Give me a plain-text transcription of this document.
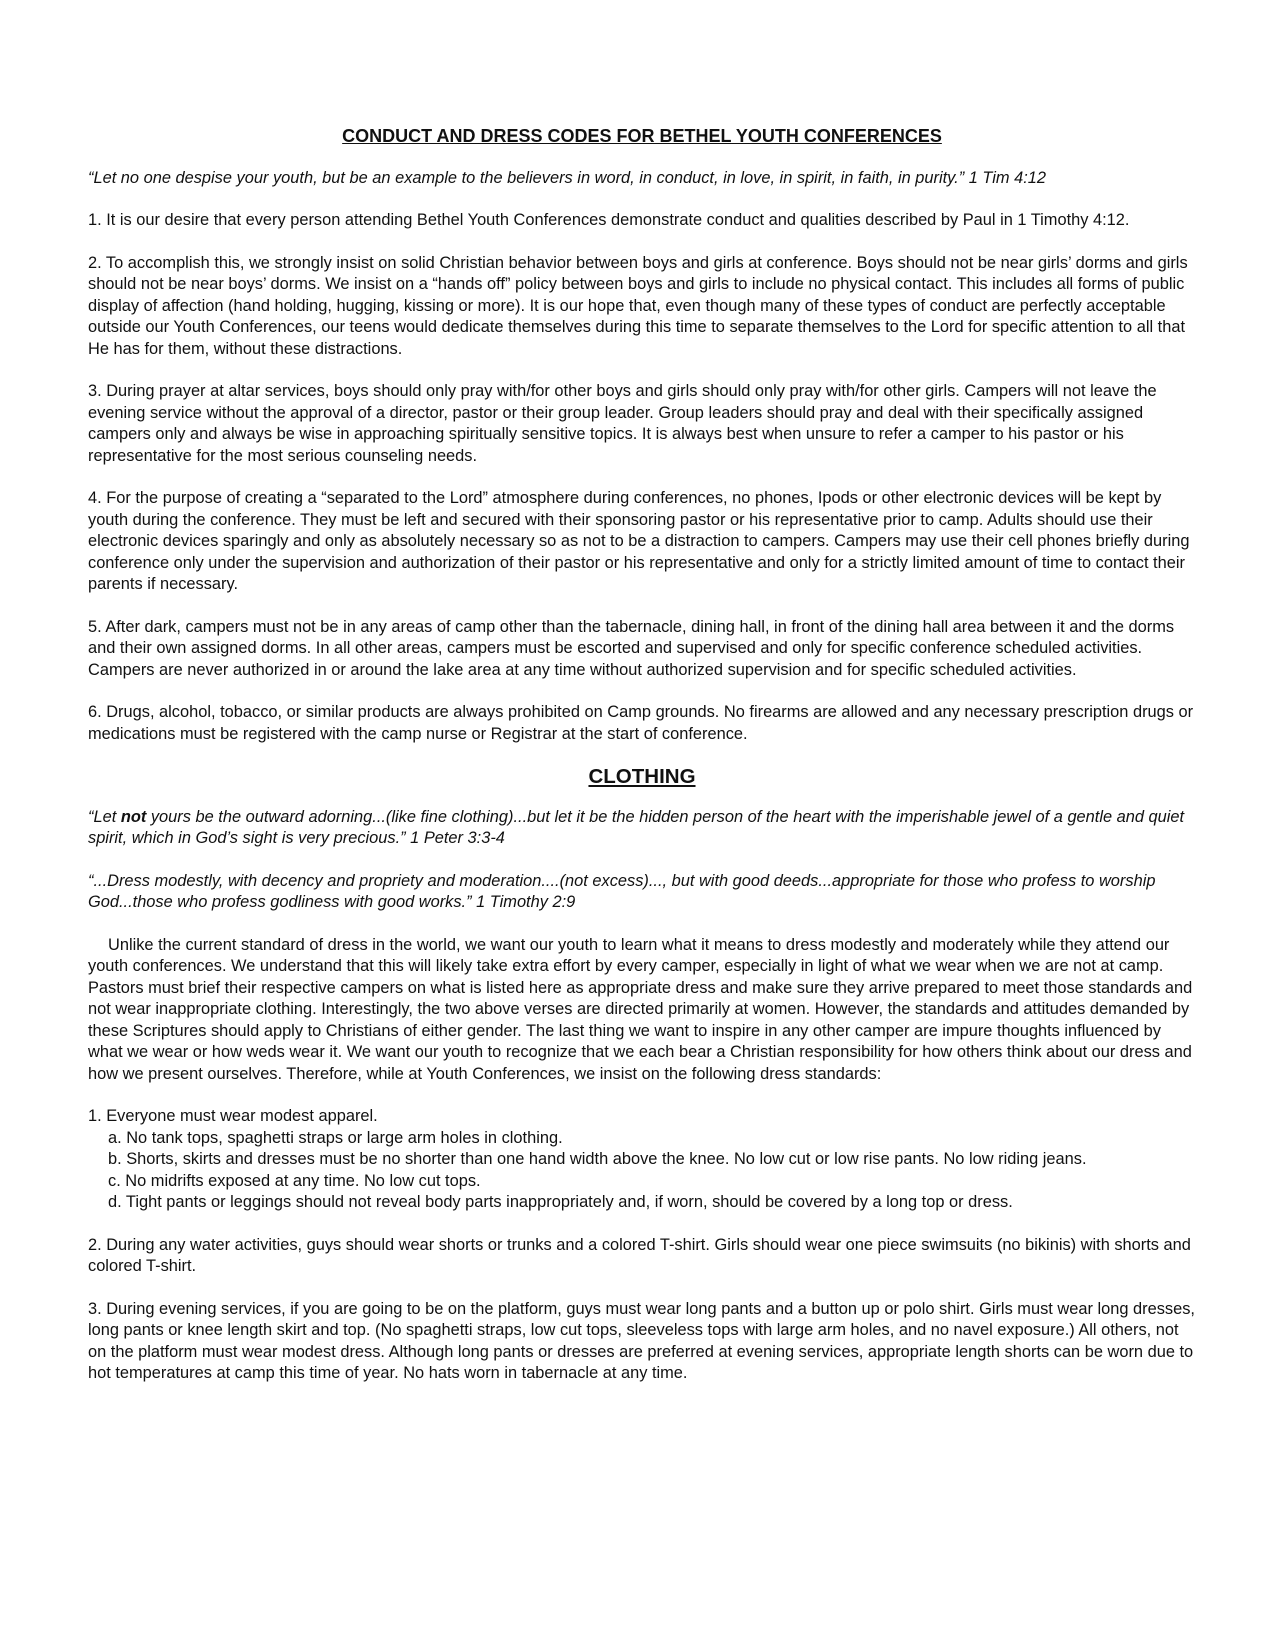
CONDUCT AND DRESS CODES FOR BETHEL YOUTH CONFERENCES

“Let no one despise your youth, but be an example to the believers in word, in conduct, in love, in spirit, in faith, in purity.” 1 Tim 4:12

1. It is our desire that every person attending Bethel Youth Conferences demonstrate conduct and qualities described by Paul in 1 Timothy 4:12.

2. To accomplish this, we strongly insist on solid Christian behavior between boys and girls at conference. Boys should not be near girls’ dorms and girls should not be near boys’ dorms. We insist on a “hands off” policy between boys and girls to include no physical contact. This includes all forms of public display of affection (hand holding, hugging, kissing or more). It is our hope that, even though many of these types of conduct are perfectly acceptable outside our Youth Conferences, our teens would dedicate themselves during this time to separate themselves to the Lord for specific attention to all that He has for them, without these distractions.

3. During prayer at altar services, boys should only pray with/for other boys and girls should only pray with/for other girls. Campers will not leave the evening service without the approval of a director, pastor or their group leader. Group leaders should pray and deal with their specifically assigned campers only and always be wise in approaching spiritually sensitive topics. It is always best when unsure to refer a camper to his pastor or his representative for the most serious counseling needs.

4. For the purpose of creating a “separated to the Lord” atmosphere during conferences, no phones, Ipods or other electronic devices will be kept by youth during the conference. They must be left and secured with their sponsoring pastor or his representative prior to camp. Adults should use their electronic devices sparingly and only as absolutely necessary so as not to be a distraction to campers. Campers may use their cell phones briefly during conference only under the supervision and authorization of their pastor or his representative and only for a strictly limited amount of time to contact their parents if necessary.

5. After dark, campers must not be in any areas of camp other than the tabernacle, dining hall, in front of the dining hall area between it and the dorms and their own assigned dorms. In all other areas, campers must be escorted and supervised and only for specific conference scheduled activities. Campers are never authorized in or around the lake area at any time without authorized supervision and for specific scheduled activities.

6. Drugs, alcohol, tobacco, or similar products are always prohibited on Camp grounds. No firearms are allowed and any necessary prescription drugs or medications must be registered with the camp nurse or Registrar at the start of conference.

CLOTHING

“Let not yours be the outward adorning...(like fine clothing)...but let it be the hidden person of the heart with the imperishable jewel of a gentle and quiet spirit, which in God’s sight is very precious.” 1 Peter 3:3-4

“...Dress modestly, with decency and propriety and moderation....(not excess)..., but with good deeds...appropriate for those who profess to worship God...those who profess godliness with good works.” 1 Timothy 2:9

Unlike the current standard of dress in the world, we want our youth to learn what it means to dress modestly and moderately while they attend our youth conferences. We understand that this will likely take extra effort by every camper, especially in light of what we wear when we are not at camp. Pastors must brief their respective campers on what is listed here as appropriate dress and make sure they arrive prepared to meet those standards and not wear inappropriate clothing. Interestingly, the two above verses are directed primarily at women. However, the standards and attitudes demanded by these Scriptures should apply to Christians of either gender. The last thing we want to inspire in any other camper are impure thoughts influenced by what we wear or how weds wear it. We want our youth to recognize that we each bear a Christian responsibility for how others think about our dress and how we present ourselves. Therefore, while at Youth Conferences, we insist on the following dress standards:

1. Everyone must wear modest apparel.
a. No tank tops, spaghetti straps or large arm holes in clothing.
b. Shorts, skirts and dresses must be no shorter than one hand width above the knee. No low cut or low rise pants. No low riding jeans.
c. No midrifts exposed at any time. No low cut tops.
d. Tight pants or leggings should not reveal body parts inappropriately and, if worn, should be covered by a long top or dress.

2. During any water activities, guys should wear shorts or trunks and a colored T-shirt. Girls should wear one piece swimsuits (no bikinis) with shorts and colored T-shirt.

3. During evening services, if you are going to be on the platform, guys must wear long pants and a button up or polo shirt. Girls must wear long dresses, long pants or knee length skirt and top. (No spaghetti straps, low cut tops, sleeveless tops with large arm holes, and no navel exposure.) All others, not on the platform must wear modest dress. Although long pants or dresses are preferred at evening services, appropriate length shorts can be worn due to hot temperatures at camp this time of year. No hats worn in tabernacle at any time.
